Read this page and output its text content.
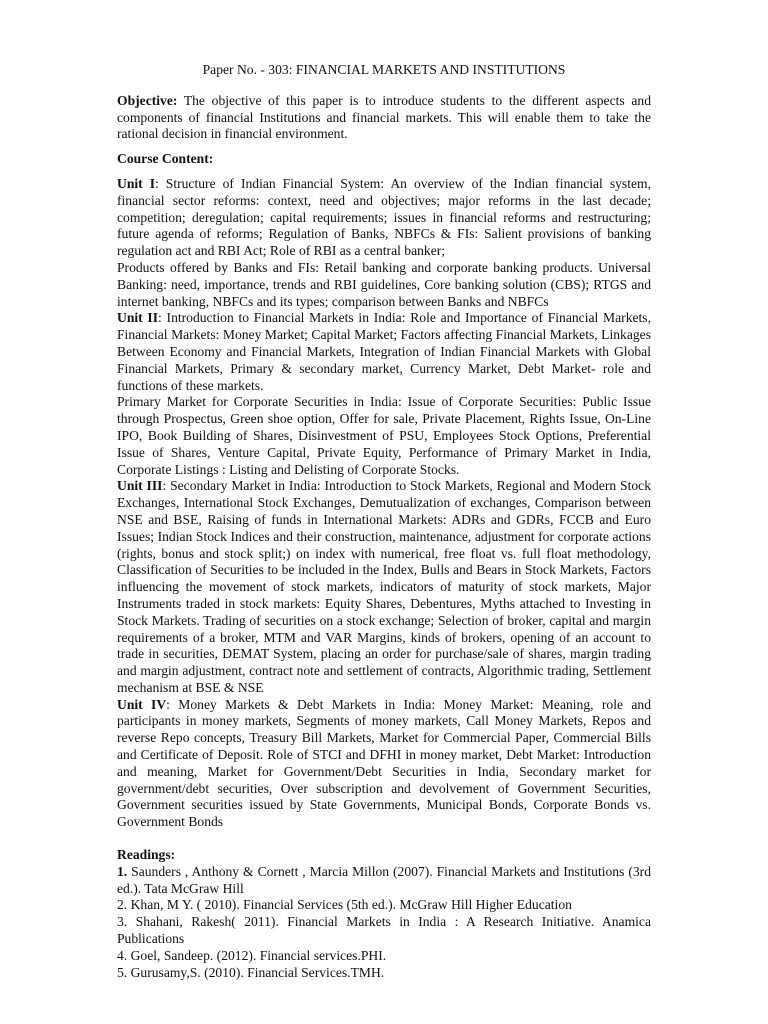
Paper No. - 303: FINANCIAL MARKETS AND INSTITUTIONS

Objective: The objective of this paper is to introduce students to the different aspects and components of financial Institutions and financial markets. This will enable them to take the rational decision in financial environment.

Course Content:

Unit I: Structure of Indian Financial System: An overview of the Indian financial system, financial sector reforms: context, need and objectives; major reforms in the last decade; competition; deregulation; capital requirements; issues in financial reforms and restructuring; future agenda of reforms; Regulation of Banks, NBFCs & FIs: Salient provisions of banking regulation act and RBI Act; Role of RBI as a central banker;

Products offered by Banks and FIs: Retail banking and corporate banking products. Universal Banking: need, importance, trends and RBI guidelines, Core banking solution (CBS); RTGS and internet banking, NBFCs and its types; comparison between Banks and NBFCs

Unit II: Introduction to Financial Markets in India: Role and Importance of Financial Markets, Financial Markets: Money Market; Capital Market; Factors affecting Financial Markets, Linkages Between Economy and Financial Markets, Integration of Indian Financial Markets with Global Financial Markets, Primary & secondary market, Currency Market, Debt Market- role and functions of these markets.

Primary Market for Corporate Securities in India: Issue of Corporate Securities: Public Issue through Prospectus, Green shoe option, Offer for sale, Private Placement, Rights Issue, On-Line IPO, Book Building of Shares, Disinvestment of PSU, Employees Stock Options, Preferential Issue of Shares, Venture Capital, Private Equity, Performance of Primary Market in India, Corporate Listings : Listing and Delisting of Corporate Stocks.

Unit III: Secondary Market in India: Introduction to Stock Markets, Regional and Modern Stock Exchanges, International Stock Exchanges, Demutualization of exchanges, Comparison between NSE and BSE, Raising of funds in International Markets: ADRs and GDRs, FCCB and Euro Issues; Indian Stock Indices and their construction, maintenance, adjustment for corporate actions (rights, bonus and stock split;) on index with numerical, free float vs. full float methodology, Classification of Securities to be included in the Index, Bulls and Bears in Stock Markets, Factors influencing the movement of stock markets, indicators of maturity of stock markets, Major Instruments traded in stock markets: Equity Shares, Debentures, Myths attached to Investing in Stock Markets. Trading of securities on a stock exchange; Selection of broker, capital and margin requirements of a broker, MTM and VAR Margins, kinds of brokers, opening of an account to trade in securities, DEMAT System, placing an order for purchase/sale of shares, margin trading and margin adjustment, contract note and settlement of contracts, Algorithmic trading, Settlement mechanism at BSE & NSE

Unit IV: Money Markets & Debt Markets in India: Money Market: Meaning, role and participants in money markets, Segments of money markets, Call Money Markets, Repos and reverse Repo concepts, Treasury Bill Markets, Market for Commercial Paper, Commercial Bills and Certificate of Deposit. Role of STCI and DFHI in money market, Debt Market: Introduction and meaning, Market for Government/Debt Securities in India, Secondary market for government/debt securities, Over subscription and devolvement of Government Securities, Government securities issued by State Governments, Municipal Bonds, Corporate Bonds vs. Government Bonds

Readings:

1. Saunders , Anthony & Cornett , Marcia Millon (2007). Financial Markets and Institutions (3rd ed.). Tata McGraw Hill
2. Khan, M Y. ( 2010). Financial Services (5th ed.). McGraw Hill Higher Education
3. Shahani, Rakesh( 2011). Financial Markets in India : A Research Initiative. Anamica Publications
4. Goel, Sandeep. (2012). Financial services.PHI.
5. Gurusamy,S. (2010). Financial Services.TMH.
